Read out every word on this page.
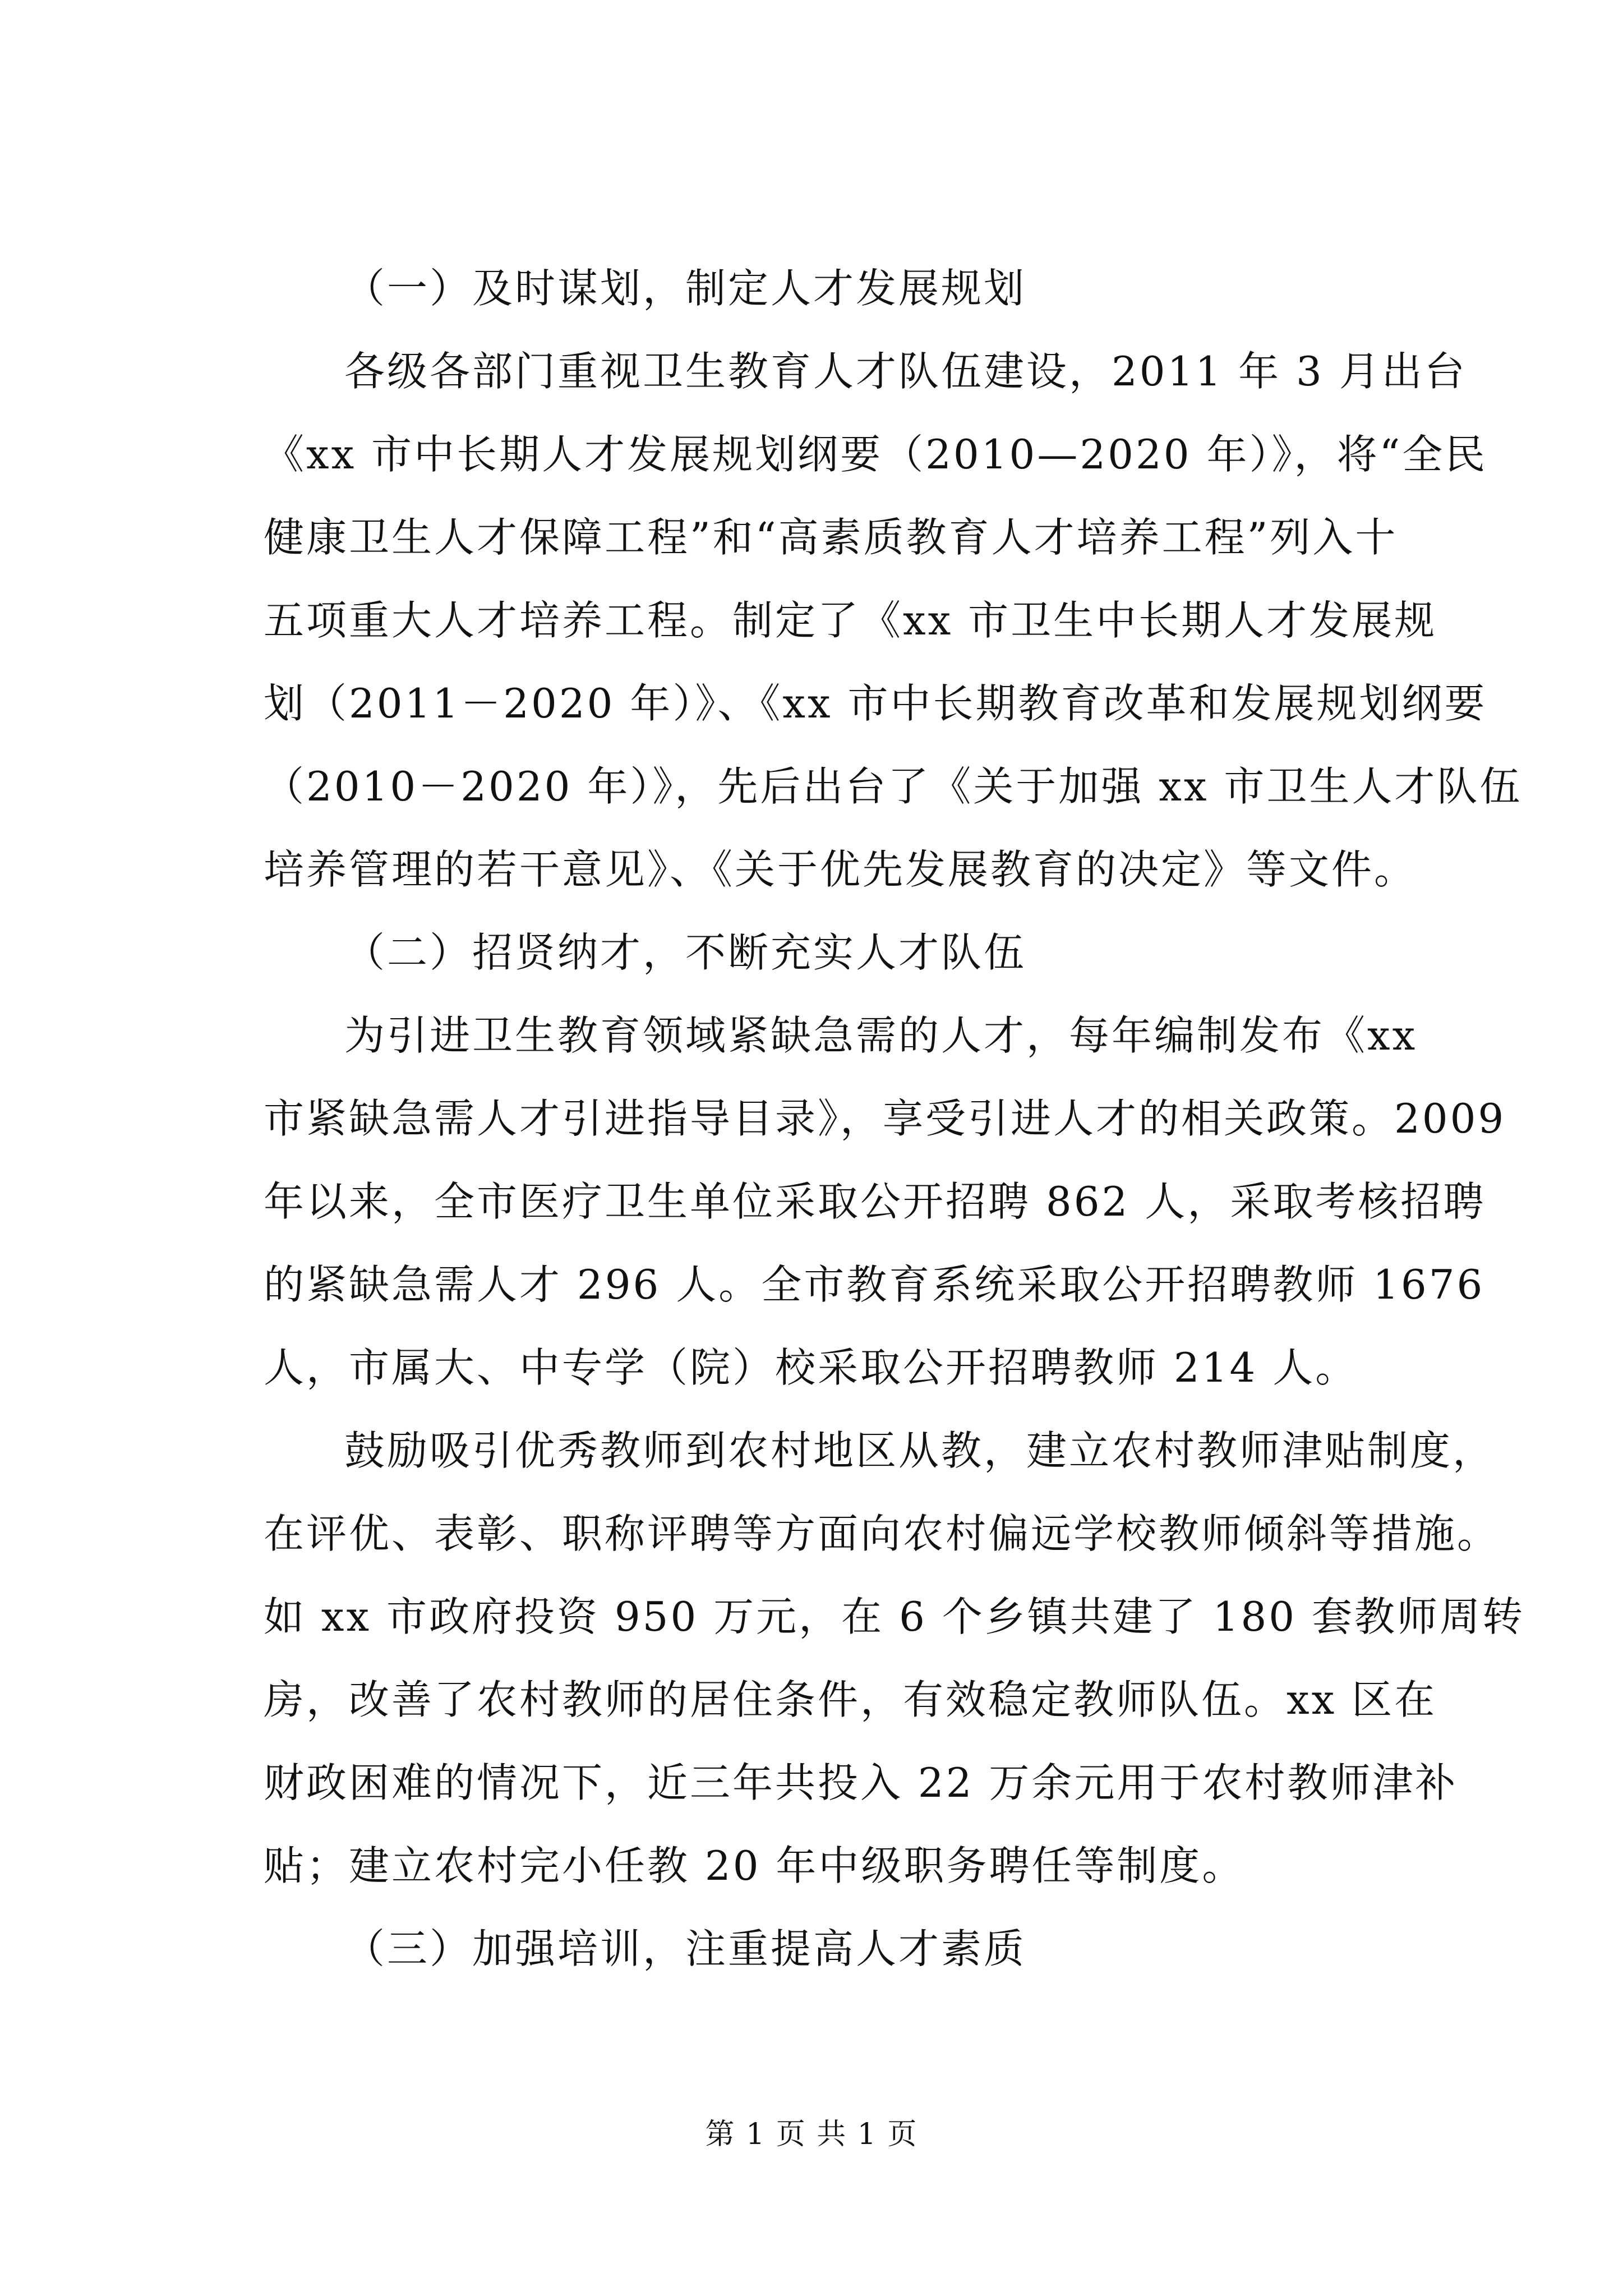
（一）及时谋划，制定人才发展规划
各级各部门重视卫生教育人才队伍建设，2011 年 3 月出台
《xx 市中长期人才发展规划纲要（2010—2020 年）》，将“全民
健康卫生人才保障工程”和“高素质教育人才培养工程”列入十
五项重大人才培养工程。制定了《xx 市卫生中长期人才发展规
划（2011－2020 年）》、《xx 市中长期教育改革和发展规划纲要
（2010－2020 年）》，先后出台了《关于加强 xx 市卫生人才队伍
培养管理的若干意见》、《关于优先发展教育的决定》等文件。
（二）招贤纳才，不断充实人才队伍
为引进卫生教育领域紧缺急需的人才，每年编制发布《xx
市紧缺急需人才引进指导目录》，享受引进人才的相关政策。2009
年以来，全市医疗卫生单位采取公开招聘 862 人，采取考核招聘
的紧缺急需人才 296 人。全市教育系统采取公开招聘教师 1676
人，市属大、中专学（院）校采取公开招聘教师 214 人。
鼓励吸引优秀教师到农村地区从教，建立农村教师津贴制度，
在评优、表彰、职称评聘等方面向农村偏远学校教师倾斜等措施。
如 xx 市政府投资 950 万元，在 6 个乡镇共建了 180 套教师周转
房，改善了农村教师的居住条件，有效稳定教师队伍。xx 区在
财政困难的情况下，近三年共投入 22 万余元用于农村教师津补
贴；建立农村完小任教 20 年中级职务聘任等制度。
（三）加强培训，注重提高人才素质
第 1 页 共 1 页
